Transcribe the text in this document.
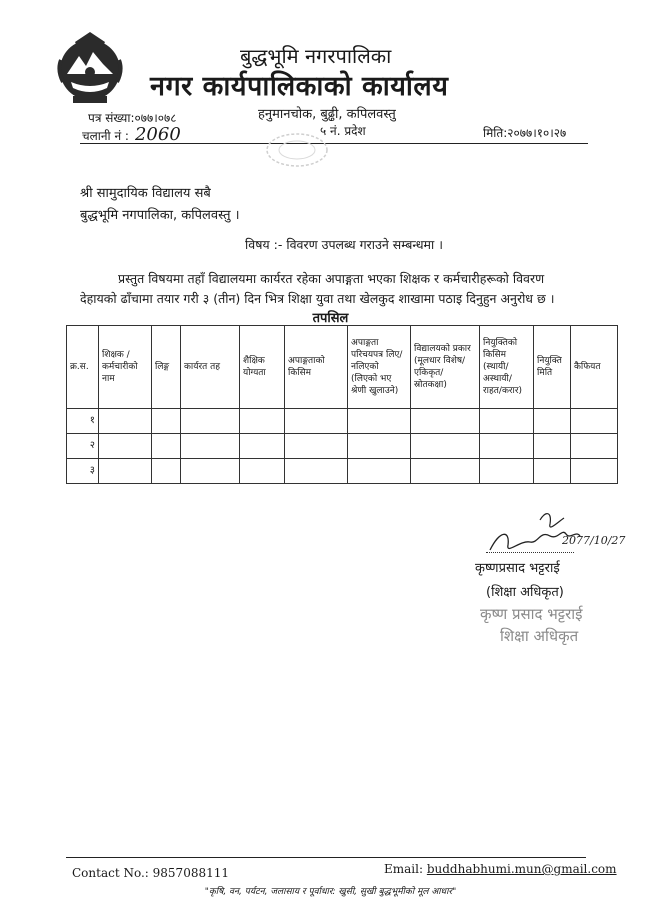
बुद्धभूमि नगरपालिका
नगर कार्यपालिकाको कार्यालय
हनुमानचोक, बुढ्ढी, कपिलवस्तु
५ नं. प्रदेश
पत्र संख्या:०७७।०७८
चलानी नं : 2060	मिति:२०७७।१०।२७
श्री सामुदायिक विद्यालय सबै
बुद्धभूमि नगपालिका, कपिलवस्तु ।
विषय :- विवरण उपलब्ध गराउने सम्बन्धमा ।
प्रस्तुत विषयमा तहाँ विद्यालयमा कार्यरत रहेका अपाङ्गता भएका शिक्षक र कर्मचारीहरूको विवरण
देहायको ढाँचामा तयार गरी ३ (तीन) दिन भित्र शिक्षा युवा तथा खेलकुद शाखामा पठाइ दिनुहुन अनुरोध छ ।
तपसिल
क्र.स.	शिक्षक / कर्मचारीको नाम	लिङ्ग	कार्यरत तह	शैक्षिक योग्यता	अपाङ्गताको किसिम	अपाङ्गता परिचयपत्र लिए/ नलिएको (लिएको भए श्रेणी खुलाउने)	विद्यालयको प्रकार (मूलधार विशेष/ एकिकृत/ स्रोतकक्षा)	नियुक्तिको किसिम (स्थायी/ अस्थायी/ राहत/करार)	नियुक्ति मिति	कैफियत
१										
२										
३										
2077/10/27
कृष्णप्रसाद भट्टराई
(शिक्षा अधिकृत)
कृष्ण प्रसाद भट्टराई
शिक्षा अधिकृत
Contact No.: 9857088111	Email: buddhabhumi.mun@gmail.com
"कृषि, वन, पर्यटन, जलासाय र पूर्वाधार: खुसी, सुखी बुद्धभूमीको मूल आधार"
